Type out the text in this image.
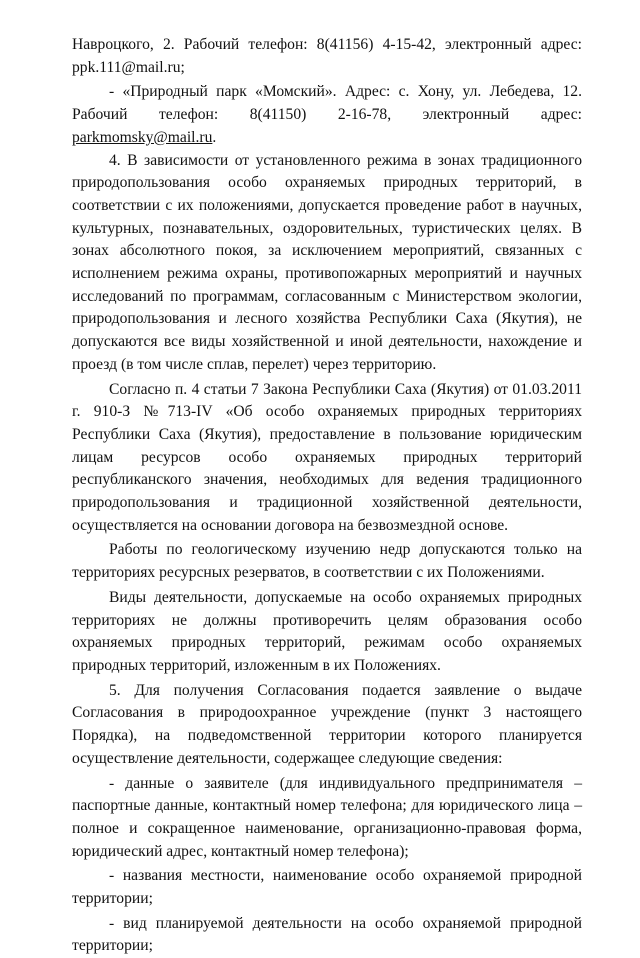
Навроцкого, 2. Рабочий телефон: 8(41156) 4-15-42, электронный адрес: ppk.111@mail.ru;

- «Природный парк «Момский». Адрес: с. Хону, ул. Лебедева, 12. Рабочий телефон: 8(41150) 2-16-78, электронный адрес: parkmomsky@mail.ru.

4. В зависимости от установленного режима в зонах традиционного природопользования особо охраняемых природных территорий, в соответствии с их положениями, допускается проведение работ в научных, культурных, познавательных, оздоровительных, туристических целях. В зонах абсолютного покоя, за исключением мероприятий, связанных с исполнением режима охраны, противопожарных мероприятий и научных исследований по программам, согласованным с Министерством экологии, природопользования и лесного хозяйства Республики Саха (Якутия), не допускаются все виды хозяйственной и иной деятельности, нахождение и проезд (в том числе сплав, перелет) через территорию.

Согласно п. 4 статьи 7 Закона Республики Саха (Якутия) от 01.03.2011 г. 910-З №713-IV «Об особо охраняемых природных территориях Республики Саха (Якутия), предоставление в пользование юридическим лицам ресурсов особо охраняемых природных территорий республиканского значения, необходимых для ведения традиционного природопользования и традиционной хозяйственной деятельности, осуществляется на основании договора на безвозмездной основе.

Работы по геологическому изучению недр допускаются только на территориях ресурсных резерватов, в соответствии с их Положениями.

Виды деятельности, допускаемые на особо охраняемых природных территориях не должны противоречить целям образования особо охраняемых природных территорий, режимам особо охраняемых природных территорий, изложенным в их Положениях.

5. Для получения Согласования подается заявление о выдаче Согласования в природоохранное учреждение (пункт 3 настоящего Порядка), на подведомственной территории которого планируется осуществление деятельности, содержащее следующие сведения:

- данные о заявителе (для индивидуального предпринимателя – паспортные данные, контактный номер телефона; для юридического лица – полное и сокращенное наименование, организационно-правовая форма, юридический адрес, контактный номер телефона);

- названия местности, наименование особо охраняемой природной территории;

- вид планируемой деятельности на особо охраняемой природной территории;
